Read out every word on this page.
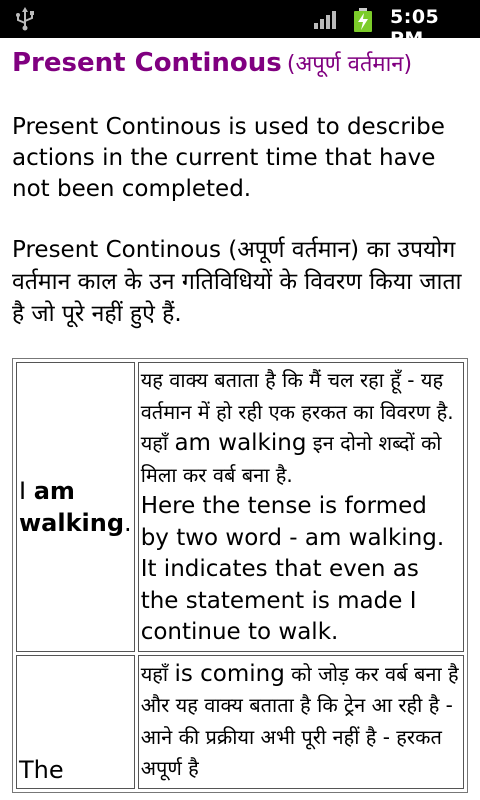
5:05 PM
Present Continous (अपूर्ण वर्तमान)

Present Continous is used to describe actions in the current time that have not been completed.

Present Continous (अपूर्ण वर्तमान) का उपयोग वर्तमान काल के उन गतिविधियों के विवरण किया जाता है जो पूरे नहीं हुऐ हैं.

I am walking.	यह वाक्य बताता है कि मैं चल रहा हूँ - यह वर्तमान में हो रही एक हरकत का विवरण है. यहाँ am walking इन दोनो शब्दों को मिला कर वर्ब बना है.
Here the tense is formed by two word - am walking. It indicates that even as the statement is made I continue to walk.

The	यहाँ is coming को जोड़ कर वर्ब बना है और यह वाक्य बताता है कि ट्रेन आ रही है - आने की प्रक्रीया अभी पूरी नहीं है - हरकत अपूर्ण है
